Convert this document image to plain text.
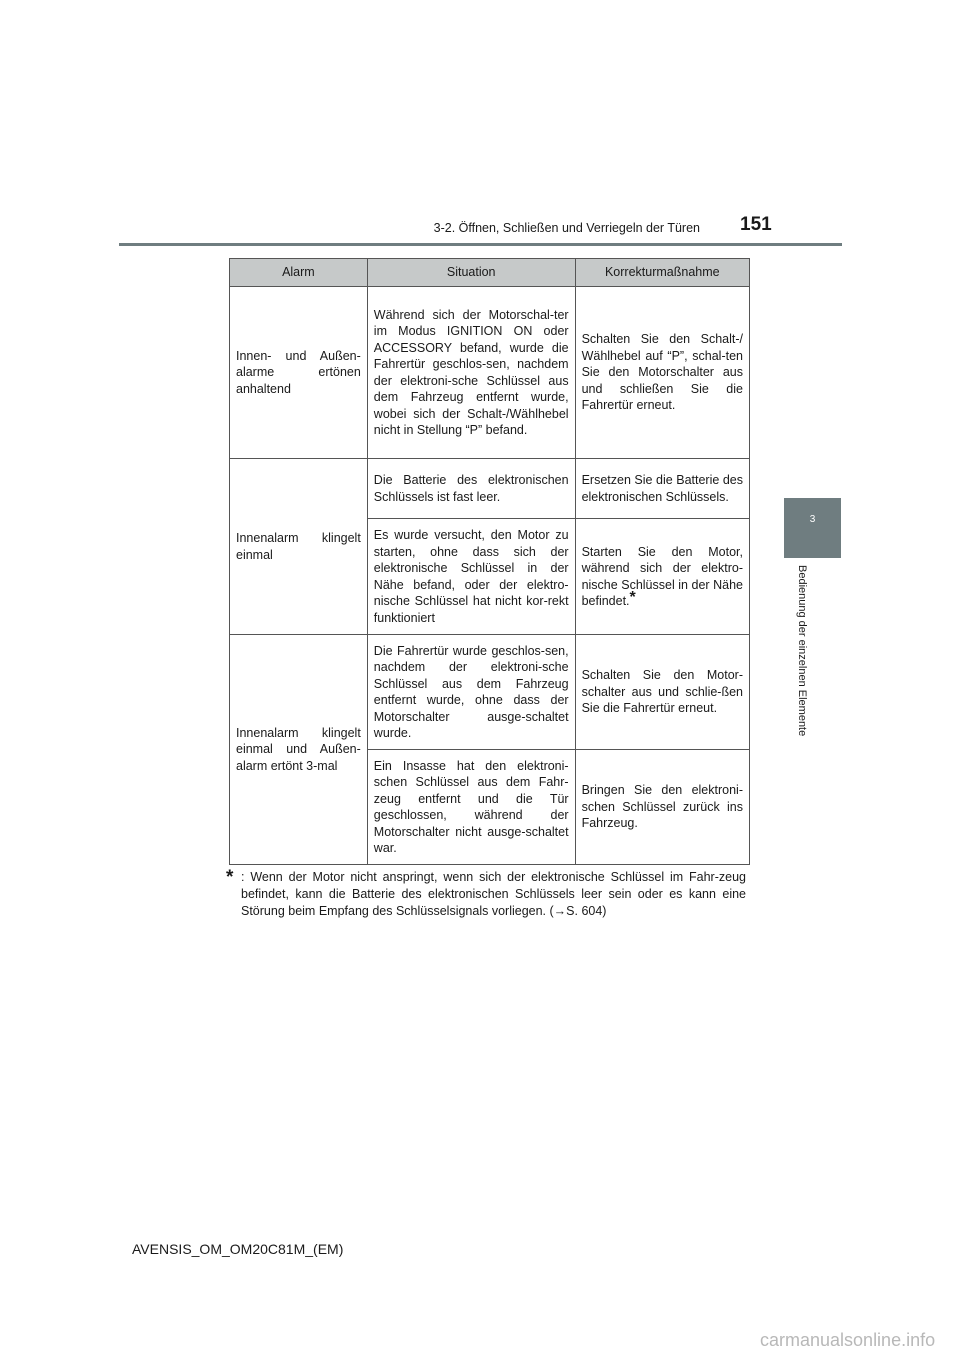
3-2. Öffnen, Schließen und Verriegeln der Türen 151
3
Bedienung der einzelnen Elemente
Alarm	Situation	Korrekturmaßnahme
Innen- und Außen-alarme ertönen anhaltend	Während sich der Motorschal-ter im Modus IGNITION ON oder ACCESSORY befand, wurde die Fahrertür geschlos-sen, nachdem der elektroni-sche Schlüssel aus dem Fahrzeug entfernt wurde, wobei sich der Schalt-/Wählhebel nicht in Stellung “P” befand.	Schalten Sie den Schalt-/ Wählhebel auf “P”, schal-ten Sie den Motorschalter aus und schließen Sie die Fahrertür erneut.
Innenalarm klingelt einmal	Die Batterie des elektronischen Schlüssels ist fast leer.	Ersetzen Sie die Batterie des elektronischen Schlüssels.
	Es wurde versucht, den Motor zu starten, ohne dass sich der elektronische Schlüssel in der Nähe befand, oder der elektro-nische Schlüssel hat nicht kor-rekt funktioniert	Starten Sie den Motor, während sich der elektro-nische Schlüssel in der Nähe befindet.*
Innenalarm klingelt einmal und Außen-alarm ertönt 3-mal	Die Fahrertür wurde geschlos-sen, nachdem der elektroni-sche Schlüssel aus dem Fahrzeug entfernt wurde, ohne dass der Motorschalter ausge-schaltet wurde.	Schalten Sie den Motor-schalter aus und schlie-ßen Sie die Fahrertür erneut.
	Ein Insasse hat den elektroni-schen Schlüssel aus dem Fahr-zeug entfernt und die Tür geschlossen, während der Motorschalter nicht ausge-schaltet war.	Bringen Sie den elektroni-schen Schlüssel zurück ins Fahrzeug.
* : Wenn der Motor nicht anspringt, wenn sich der elektronische Schlüssel im Fahr-zeug befindet, kann die Batterie des elektronischen Schlüssels leer sein oder es kann eine Störung beim Empfang des Schlüsselsignals vorliegen. (→S. 604)
AVENSIS_OM_OM20C81M_(EM)
carmanualsonline.info
